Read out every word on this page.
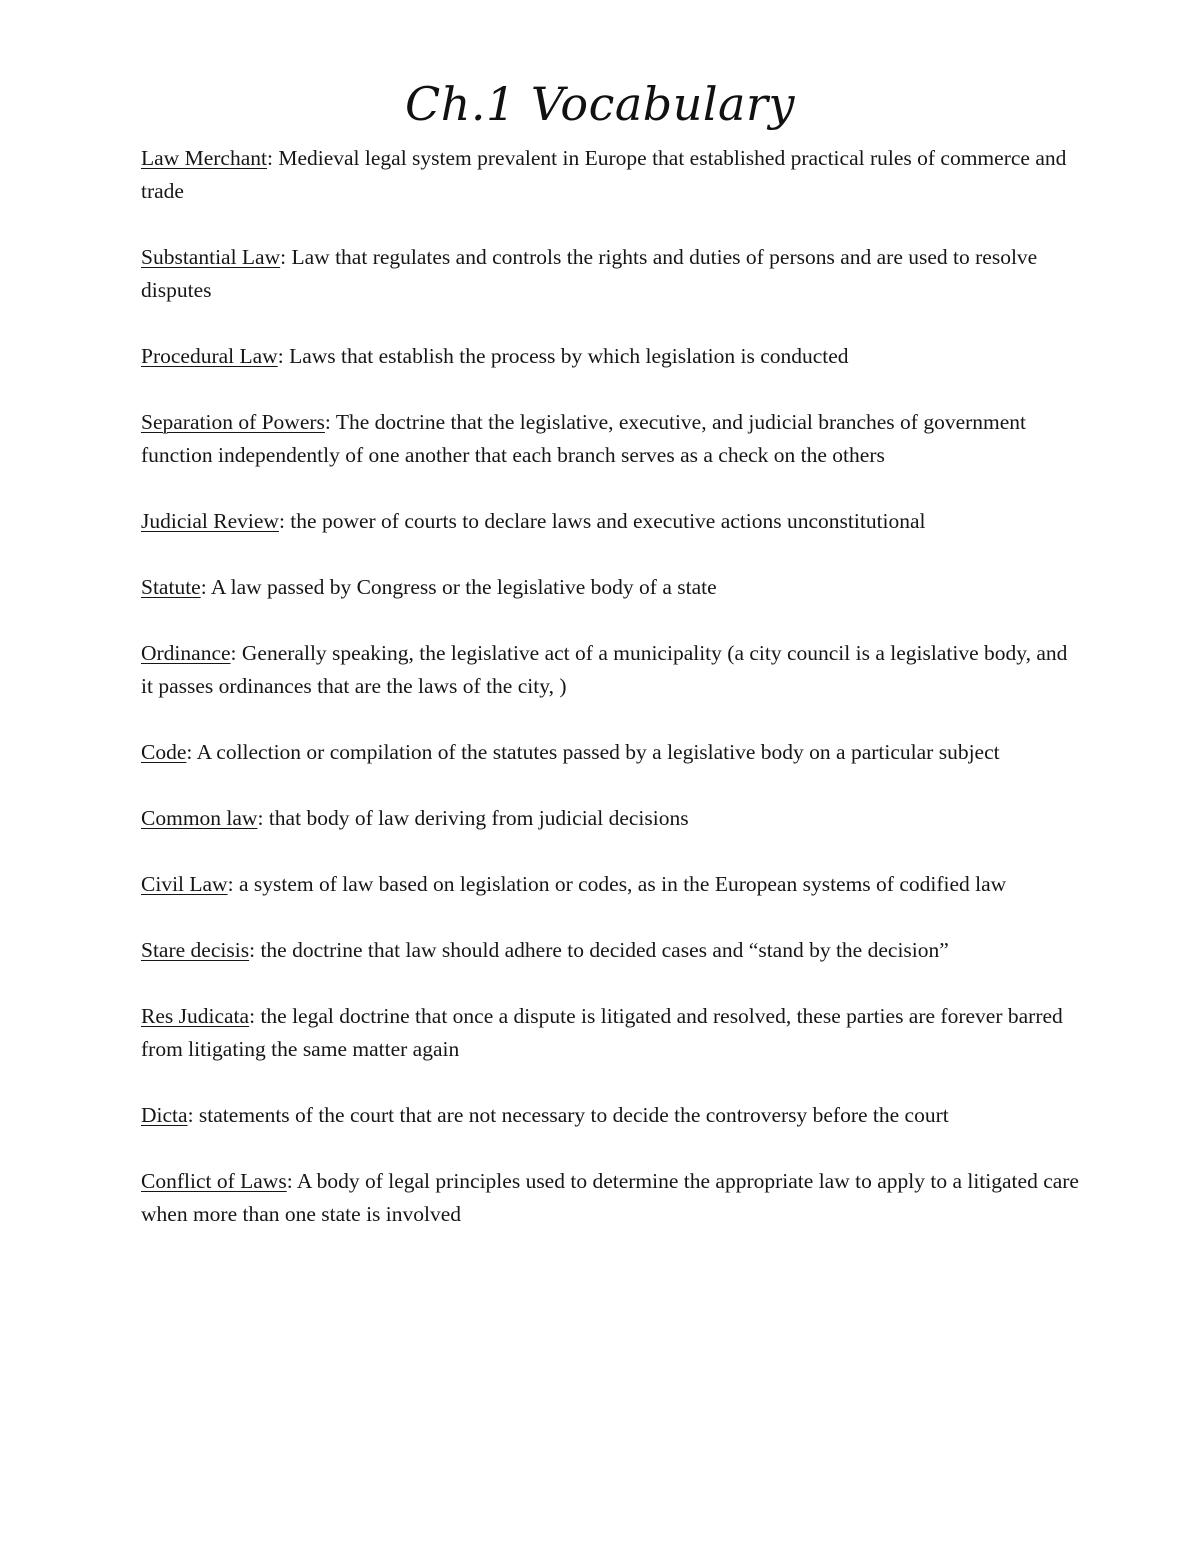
Ch.1 Vocabulary

Law Merchant: Medieval legal system prevalent in Europe that established practical rules of commerce and trade

Substantial Law: Law that regulates and controls the rights and duties of persons and are used to resolve disputes

Procedural Law: Laws that establish the process by which legislation is conducted

Separation of Powers: The doctrine that the legislative, executive, and judicial branches of government function independently of one another that each branch serves as a check on the others

Judicial Review: the power of courts to declare laws and executive actions unconstitutional

Statute: A law passed by Congress or the legislative body of a state

Ordinance: Generally speaking, the legislative act of a municipality (a city council is a legislative body, and it passes ordinances that are the laws of the city, )

Code: A collection or compilation of the statutes passed by a legislative body on a particular subject

Common law: that body of law deriving from judicial decisions

Civil Law: a system of law based on legislation or codes, as in the European systems of codified law

Stare decisis: the doctrine that law should adhere to decided cases and “stand by the decision”

Res Judicata: the legal doctrine that once a dispute is litigated and resolved, these parties are forever barred from litigating the same matter again

Dicta: statements of the court that are not necessary to decide the controversy before the court

Conflict of Laws: A body of legal principles used to determine the appropriate law to apply to a litigated care when more than one state is involved
